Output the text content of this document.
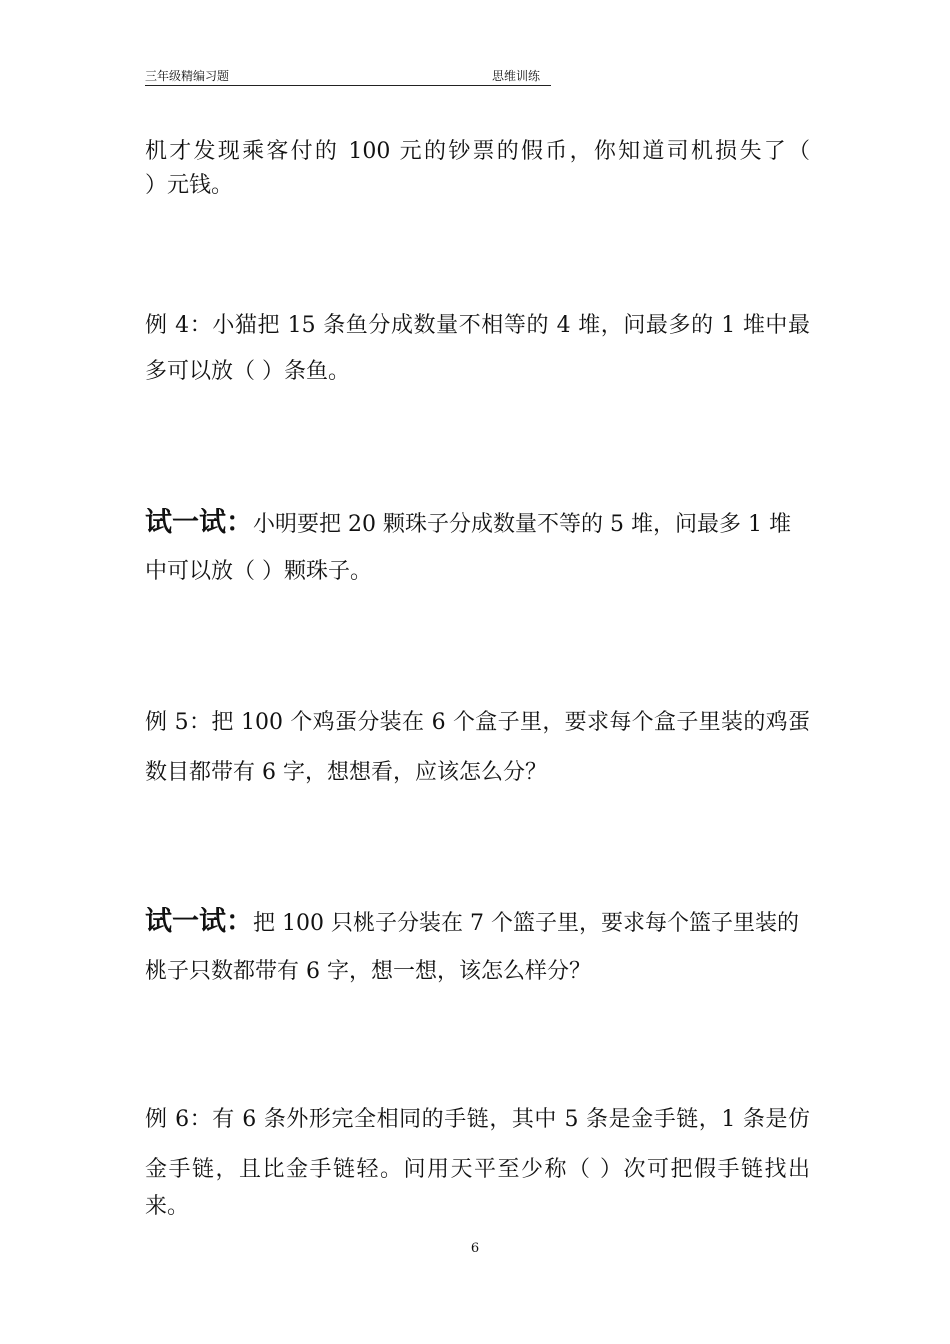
三年级精编习题	思维训练
机才发现乘客付的 100 元的钞票的假币，你知道司机损失了（
）元钱。
例 4：小猫把 15 条鱼分成数量不相等的 4 堆，问最多的 1 堆中最
多可以放（ ）条鱼。
试一试：小明要把 20 颗珠子分成数量不等的 5 堆，问最多 1 堆
中可以放（ ）颗珠子。
例 5：把 100 个鸡蛋分装在 6 个盒子里，要求每个盒子里装的鸡蛋
数目都带有 6 字，想想看，应该怎么分？
试一试：把 100 只桃子分装在 7 个篮子里，要求每个篮子里装的
桃子只数都带有 6 字，想一想，该怎么样分？
例 6：有 6 条外形完全相同的手链，其中 5 条是金手链，1 条是仿
金手链，且比金手链轻。问用天平至少称（ ）次可把假手链找出
来。
6
